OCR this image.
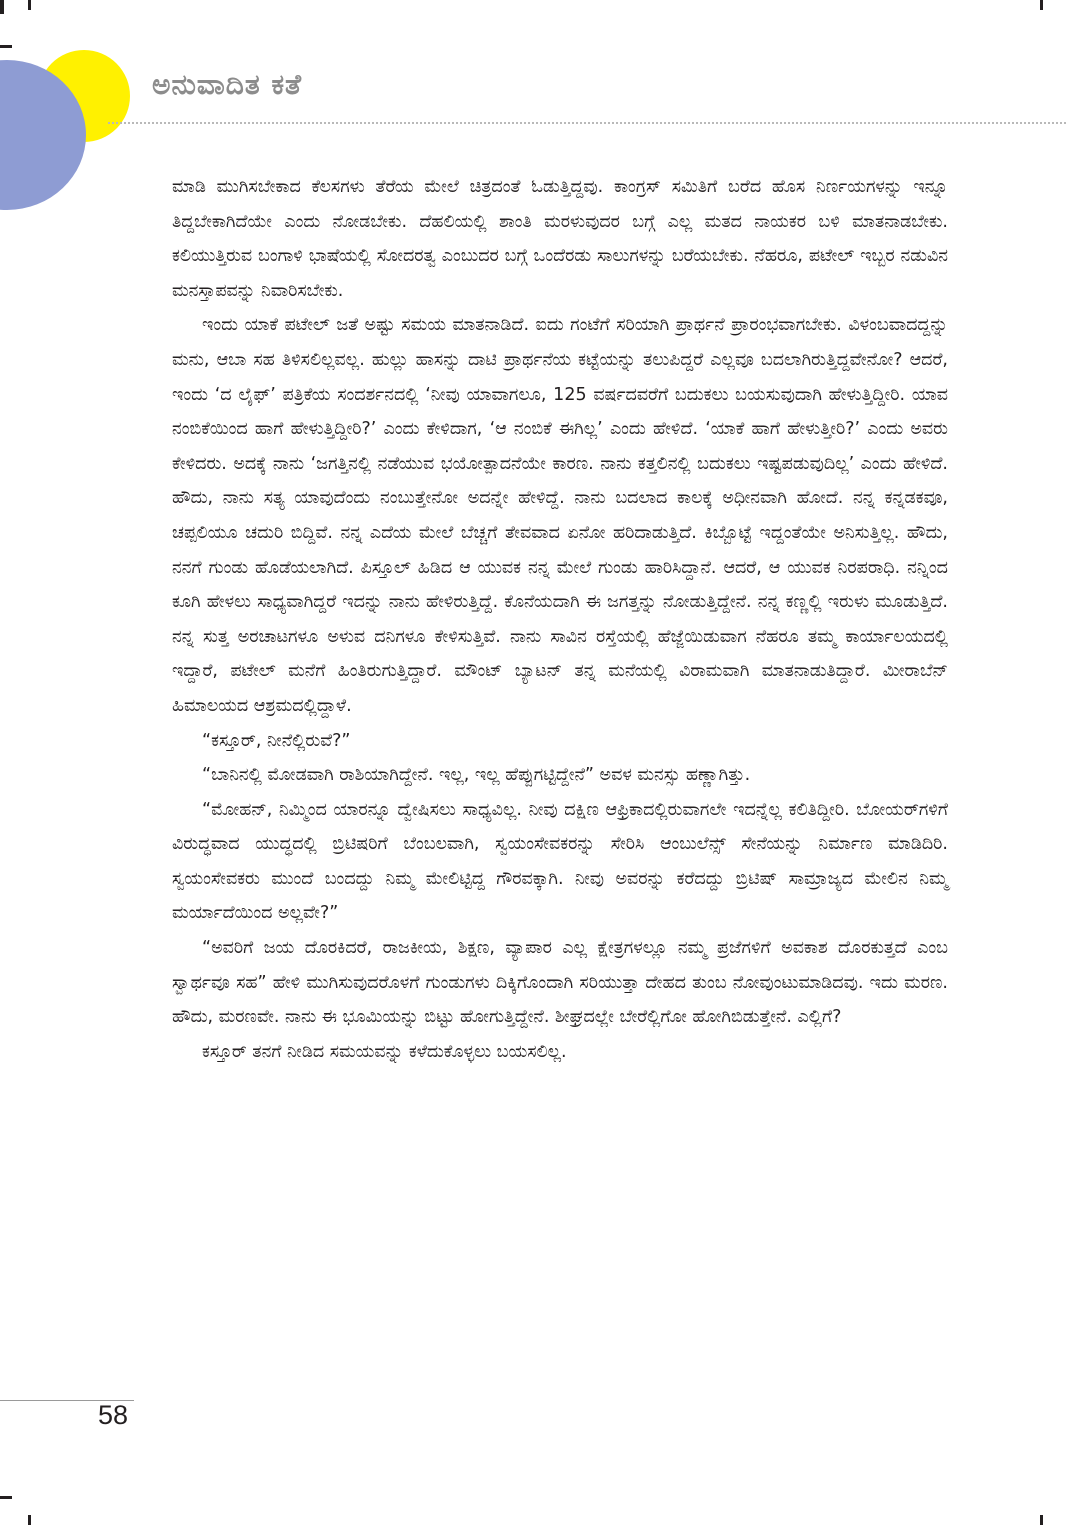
ಅನುವಾದಿತ ಕತೆ

ಮಾಡಿ ಮುಗಿಸಬೇಕಾದ ಕೆಲಸಗಳು ತೆರೆಯ ಮೇಲೆ ಚಿತ್ರದಂತೆ ಓಡುತ್ತಿದ್ದವು. ಕಾಂಗ್ರಸ್ ಸಮಿತಿಗೆ ಬರೆದ ಹೊಸ ನಿರ್ಣಯಗಳನ್ನು ಇನ್ನೂ ತಿದ್ದಬೇಕಾಗಿದೆಯೇ ಎಂದು ನೋಡಬೇಕು. ದೆಹಲಿಯಲ್ಲಿ ಶಾಂತಿ ಮರಳುವುದರ ಬಗ್ಗೆ ಎಲ್ಲ ಮತದ ನಾಯಕರ ಬಳಿ ಮಾತನಾಡಬೇಕು. ಕಲಿಯುತ್ತಿರುವ ಬಂಗಾಳಿ ಭಾಷೆಯಲ್ಲಿ ಸೋದರತ್ವ ಎಂಬುದರ ಬಗ್ಗೆ ಒಂದೆರಡು ಸಾಲುಗಳನ್ನು ಬರೆಯಬೇಕು. ನೆಹರೂ, ಪಟೇಲ್ ಇಬ್ಬರ ನಡುವಿನ ಮನಸ್ತಾಪವನ್ನು ನಿವಾರಿಸಬೇಕು.

ಇಂದು ಯಾಕೆ ಪಟೇಲ್ ಜತೆ ಅಷ್ಟು ಸಮಯ ಮಾತನಾಡಿದೆ. ಐದು ಗಂಟೆಗೆ ಸರಿಯಾಗಿ ಪ್ರಾರ್ಥನೆ ಪ್ರಾರಂಭವಾಗಬೇಕು. ವಿಳಂಬವಾದದ್ದನ್ನು ಮನು, ಆಬಾ ಸಹ ತಿಳಿಸಲಿಲ್ಲವಲ್ಲ. ಹುಲ್ಲು ಹಾಸನ್ನು ದಾಟಿ ಪ್ರಾರ್ಥನೆಯ ಕಟ್ಟೆಯನ್ನು ತಲುಪಿದ್ದರೆ ಎಲ್ಲವೂ ಬದಲಾಗಿರುತ್ತಿದ್ದವೇನೋ? ಆದರೆ, ಇಂದು ‘ದ ಲೈಫ್’ ಪತ್ರಿಕೆಯ ಸಂದರ್ಶನದಲ್ಲಿ ‘ನೀವು ಯಾವಾಗಲೂ, 125 ವರ್ಷದವರೆಗೆ ಬದುಕಲು ಬಯಸುವುದಾಗಿ ಹೇಳುತ್ತಿದ್ದೀರಿ. ಯಾವ ನಂಬಿಕೆಯಿಂದ ಹಾಗೆ ಹೇಳುತ್ತಿದ್ದೀರಿ?’ ಎಂದು ಕೇಳಿದಾಗ, ‘ಆ ನಂಬಿಕೆ ಈಗಿಲ್ಲ’ ಎಂದು ಹೇಳಿದೆ. ‘ಯಾಕೆ ಹಾಗೆ ಹೇಳುತ್ತೀರಿ?’ ಎಂದು ಅವರು ಕೇಳಿದರು. ಅದಕ್ಕೆ ನಾನು ‘ಜಗತ್ತಿನಲ್ಲಿ ನಡೆಯುವ ಭಯೋತ್ಪಾದನೆಯೇ ಕಾರಣ. ನಾನು ಕತ್ತಲಿನಲ್ಲಿ ಬದುಕಲು ಇಷ್ಟಪಡುವುದಿಲ್ಲ’ ಎಂದು ಹೇಳಿದೆ. ಹೌದು, ನಾನು ಸತ್ಯ ಯಾವುದೆಂದು ನಂಬುತ್ತೇನೋ ಅದನ್ನೇ ಹೇಳಿದ್ದೆ. ನಾನು ಬದಲಾದ ಕಾಲಕ್ಕೆ ಅಧೀನವಾಗಿ ಹೋದೆ. ನನ್ನ ಕನ್ನಡಕವೂ, ಚಪ್ಪಲಿಯೂ ಚದುರಿ ಬಿದ್ದಿವೆ. ನನ್ನ ಎದೆಯ ಮೇಲೆ ಬೆಚ್ಚಗೆ ತೇವವಾದ ಏನೋ ಹರಿದಾಡುತ್ತಿದೆ. ಕಿಬ್ಬೊಟ್ಟೆ ಇದ್ದಂತೆಯೇ ಅನಿಸುತ್ತಿಲ್ಲ. ಹೌದು, ನನಗೆ ಗುಂಡು ಹೊಡೆಯಲಾಗಿದೆ. ಪಿಸ್ತೂಲ್ ಹಿಡಿದ ಆ ಯುವಕ ನನ್ನ ಮೇಲೆ ಗುಂಡು ಹಾರಿಸಿದ್ದಾನೆ. ಆದರೆ, ಆ ಯುವಕ ನಿರಪರಾಧಿ. ನನ್ನಿಂದ ಕೂಗಿ ಹೇಳಲು ಸಾಧ್ಯವಾಗಿದ್ದರೆ ಇದನ್ನು ನಾನು ಹೇಳಿರುತ್ತಿದ್ದೆ. ಕೊನೆಯದಾಗಿ ಈ ಜಗತ್ತನ್ನು ನೋಡುತ್ತಿದ್ದೇನೆ. ನನ್ನ ಕಣ್ಣಲ್ಲಿ ಇರುಳು ಮೂಡುತ್ತಿದೆ. ನನ್ನ ಸುತ್ತ ಅರಚಾಟಗಳೂ ಅಳುವ ದನಿಗಳೂ ಕೇಳಿಸುತ್ತಿವೆ. ನಾನು ಸಾವಿನ ರಸ್ತೆಯಲ್ಲಿ ಹೆಜ್ಜೆಯಿಡುವಾಗ ನೆಹರೂ ತಮ್ಮ ಕಾರ್ಯಾಲಯದಲ್ಲಿ ಇದ್ದಾರೆ, ಪಟೇಲ್ ಮನೆಗೆ ಹಿಂತಿರುಗುತ್ತಿದ್ದಾರೆ. ಮೌಂಟ್ ಬ್ಯಾಟನ್ ತನ್ನ ಮನೆಯಲ್ಲಿ ವಿರಾಮವಾಗಿ ಮಾತನಾಡುತಿದ್ದಾರೆ. ಮೀರಾಬೆನ್ ಹಿಮಾಲಯದ ಆಶ್ರಮದಲ್ಲಿದ್ದಾಳೆ.

“ಕಸ್ತೂರ್, ನೀನೆಲ್ಲಿರುವೆ?”

“ಬಾನಿನಲ್ಲಿ ಮೋಡವಾಗಿ ರಾಶಿಯಾಗಿದ್ದೇನೆ. ಇಲ್ಲ, ಇಲ್ಲ ಹೆಪ್ಪುಗಟ್ಟಿದ್ದೇನೆ” ಅವಳ ಮನಸ್ಸು ಹಣ್ಣಾಗಿತ್ತು.

“ಮೋಹನ್, ನಿಮ್ಮಿಂದ ಯಾರನ್ನೂ ದ್ವೇಷಿಸಲು ಸಾಧ್ಯವಿಲ್ಲ. ನೀವು ದಕ್ಷಿಣ ಆಫ್ರಿಕಾದಲ್ಲಿರುವಾಗಲೇ ಇದನ್ನೆಲ್ಲ ಕಲಿತಿದ್ದೀರಿ. ಬೋಯರ್‌ಗಳಿಗೆ ವಿರುದ್ಧವಾದ ಯುದ್ಧದಲ್ಲಿ ಬ್ರಿಟಿಷರಿಗೆ ಬೆಂಬಲವಾಗಿ, ಸ್ವಯಂಸೇವಕರನ್ನು ಸೇರಿಸಿ ಆಂಬುಲೆನ್ಸ್ ಸೇನೆಯನ್ನು ನಿರ್ಮಾಣ ಮಾಡಿದಿರಿ. ಸ್ವಯಂಸೇವಕರು ಮುಂದೆ ಬಂದದ್ದು ನಿಮ್ಮ ಮೇಲಿಟ್ಟಿದ್ದ ಗೌರವಕ್ಕಾಗಿ. ನೀವು ಅವರನ್ನು ಕರೆದದ್ದು ಬ್ರಿಟಿಷ್ ಸಾಮ್ರಾಜ್ಯದ ಮೇಲಿನ ನಿಮ್ಮ ಮರ್ಯಾದೆಯಿಂದ ಅಲ್ಲವೇ?”

“ಅವರಿಗೆ ಜಯ ದೊರಕಿದರೆ, ರಾಜಕೀಯ, ಶಿಕ್ಷಣ, ವ್ಯಾಪಾರ ಎಲ್ಲ ಕ್ಷೇತ್ರಗಳಲ್ಲೂ ನಮ್ಮ ಪ್ರಜೆಗಳಿಗೆ ಅವಕಾಶ ದೊರಕುತ್ತದೆ ಎಂಬ ಸ್ವಾರ್ಥವೂ ಸಹ” ಹೇಳಿ ಮುಗಿಸುವುದರೊಳಗೆ ಗುಂಡುಗಳು ದಿಕ್ಕಿಗೊಂದಾಗಿ ಸರಿಯುತ್ತಾ ದೇಹದ ತುಂಬ ನೋವುಂಟುಮಾಡಿದವು. ಇದು ಮರಣ. ಹೌದು, ಮರಣವೇ. ನಾನು ಈ ಭೂಮಿಯನ್ನು ಬಿಟ್ಟು ಹೋಗುತ್ತಿದ್ದೇನೆ. ಶೀಘ್ರದಲ್ಲೇ ಬೇರೆಲ್ಲಿಗೋ ಹೋಗಿಬಿಡುತ್ತೇನೆ. ಎಲ್ಲಿಗೆ?

ಕಸ್ತೂರ್ ತನಗೆ ನೀಡಿದ ಸಮಯವನ್ನು ಕಳೆದುಕೊಳ್ಳಲು ಬಯಸಲಿಲ್ಲ.

58
